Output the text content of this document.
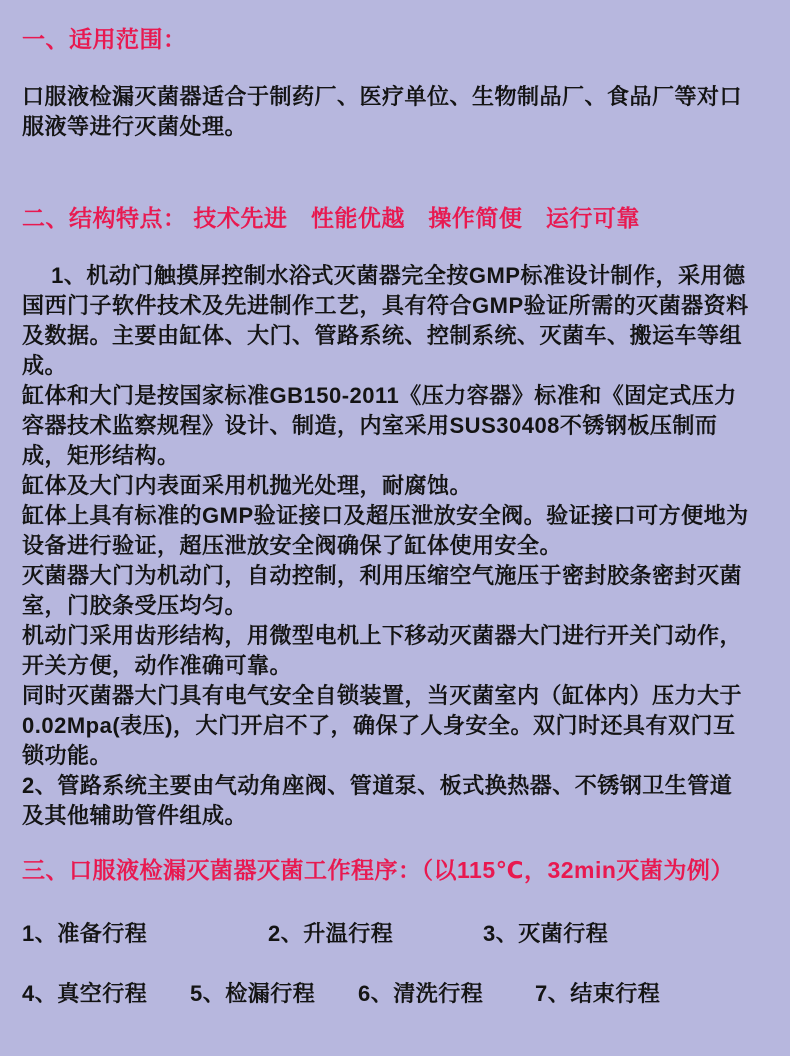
一、适用范围：
口服液检漏灭菌器适合于制药厂、医疗单位、生物制品厂、食品厂等对口
服液等进行灭菌处理。
二、结构特点： 技术先进　性能优越　操作简便　运行可靠
　 1、机动门触摸屏控制水浴式灭菌器完全按GMP标准设计制作，采用德
国西门子软件技术及先进制作工艺，具有符合GMP验证所需的灭菌器资料
及数据。主要由缸体、大门、管路系统、控制系统、灭菌车、搬运车等组
成。
缸体和大门是按国家标准GB150-2011《压力容器》标准和《固定式压力
容器技术监察规程》设计、制造，内室采用SUS30408不锈钢板压制而
成，矩形结构。
缸体及大门内表面采用机抛光处理，耐腐蚀。
缸体上具有标准的GMP验证接口及超压泄放安全阀。验证接口可方便地为
设备进行验证，超压泄放安全阀确保了缸体使用安全。
灭菌器大门为机动门，自动控制，利用压缩空气施压于密封胶条密封灭菌
室，门胶条受压均匀。
机动门采用齿形结构，用微型电机上下移动灭菌器大门进行开关门动作，
开关方便，动作准确可靠。
同时灭菌器大门具有电气安全自锁装置，当灭菌室内（缸体内）压力大于
0.02Mpa(表压)，大门开启不了，确保了人身安全。双门时还具有双门互
锁功能。
2、管路系统主要由气动角座阀、管道泵、板式换热器、不锈钢卫生管道
及其他辅助管件组成。
三、口服液检漏灭菌器灭菌工作程序：（以115℃，32min灭菌为例）
1、准备行程	2、升温行程	3、灭菌行程
4、真空行程 5、检漏行程 6、清洗行程 7、结束行程
